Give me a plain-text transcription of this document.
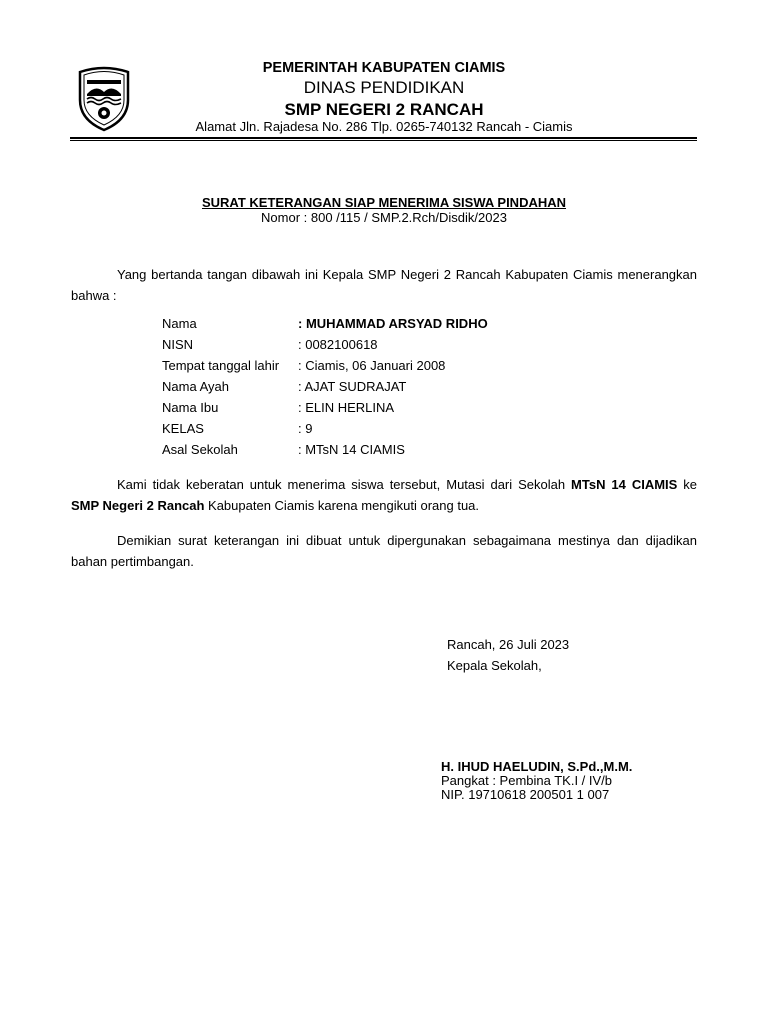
PEMERINTAH KABUPATEN CIAMIS
DINAS PENDIDIKAN
SMP NEGERI 2 RANCAH
Alamat Jln. Rajadesa No. 286 Tlp. 0265-740132 Rancah - Ciamis
SURAT KETERANGAN SIAP MENERIMA SISWA PINDAHAN
Nomor : 800 /115 / SMP.2.Rch/Disdik/2023
Yang bertanda tangan dibawah ini Kepala SMP Negeri 2 Rancah Kabupaten Ciamis menerangkan bahwa :
Nama	: MUHAMMAD ARSYAD RIDHO
NISN	: 0082100618
Tempat tanggal lahir : Ciamis, 06 Januari 2008
Nama Ayah	: AJAT SUDRAJAT
Nama Ibu	: ELIN HERLINA
KELAS	: 9
Asal Sekolah	: MTsN 14 CIAMIS
Kami tidak keberatan untuk menerima siswa tersebut, Mutasi dari Sekolah MTsN 14 CIAMIS ke SMP Negeri 2 Rancah Kabupaten Ciamis karena mengikuti orang tua.
Demikian surat keterangan ini dibuat untuk dipergunakan sebagaimana mestinya dan dijadikan bahan pertimbangan.
Rancah, 26 Juli 2023
Kepala Sekolah,
H. IHUD HAELUDIN, S.Pd.,M.M.
Pangkat : Pembina TK.I / IV/b
NIP. 19710618 200501 1 007
